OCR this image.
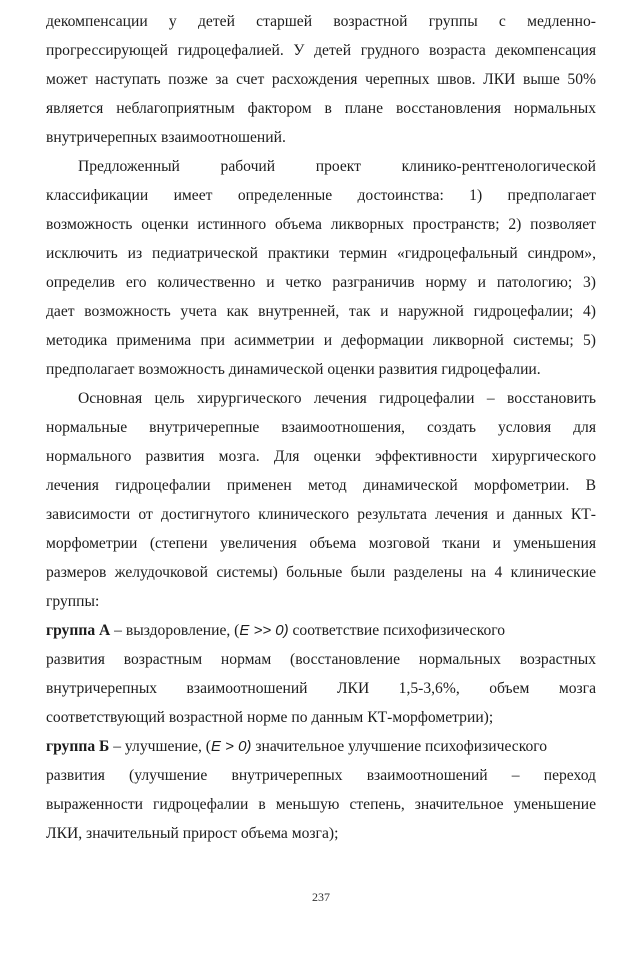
декомпенсации у детей старшей возрастной группы с медленно-
прогрессирующей гидроцефалией. У детей грудного возраста декомпенсация
может наступать позже за счет расхождения черепных швов. ЛКИ выше 50%
является неблагоприятным фактором в плане восстановления нормальных
внутричерепных взаимоотношений.
Предложенный рабочий проект клинико-рентгенологической
классификации имеет определенные достоинства: 1) предполагает
возможность оценки истинного объема ликворных пространств; 2) позволяет
исключить из педиатрической практики термин «гидроцефальный синдром»,
определив его количественно и четко разграничив норму и патологию; 3)
дает возможность учета как внутренней, так и наружной гидроцефалии; 4)
методика применима при асимметрии и деформации ликворной системы; 5)
предполагает возможность динамической оценки развития гидроцефалии.
Основная цель хирургического лечения гидроцефалии – восстановить
нормальные внутричерепные взаимоотношения, создать условия для
нормального развития мозга. Для оценки эффективности хирургического
лечения гидроцефалии применен метод динамической морфометрии. В
зависимости от достигнутого клинического результата лечения и данных КТ-
морфометрии (степени увеличения объема мозговой ткани и уменьшения
размеров желудочковой системы) больные были разделены на 4 клинические
группы:
группа А – выздоровление, (E >> 0) соответствие психофизического
развития возрастным нормам (восстановление нормальных возрастных
внутричерепных взаимоотношений ЛКИ 1,5-3,6%, объем мозга
соответствующий возрастной норме по данным КТ-морфометрии);
группа Б – улучшение, (E > 0) значительное улучшение психофизического
развития (улучшение внутричерепных взаимоотношений – переход
выраженности гидроцефалии в меньшую степень, значительное уменьшение
ЛКИ, значительный прирост объема мозга);
237
